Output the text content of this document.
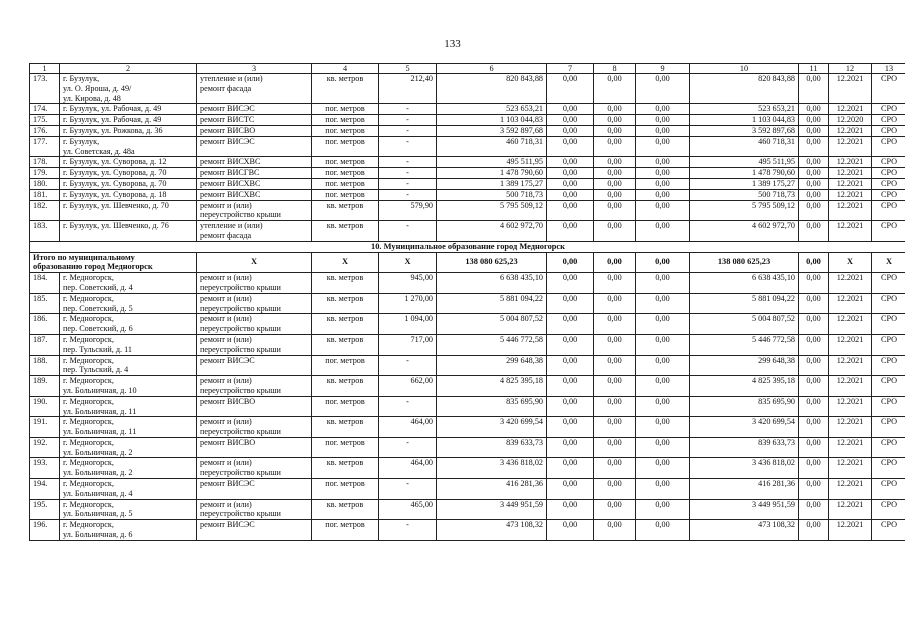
133
1	2	3	4	5	6	7	8	9	10	11	12	13
173.	г. Бузулук,
ул. О. Яроша, д. 49/
ул. Кирова, д. 48	утепление и (или)
ремонт фасада	кв. метров	212,40	820 843,88	0,00	0,00	0,00	820 843,88	0,00	12.2021	СРО
174.	г. Бузулук, ул. Рабочая, д. 49	ремонт ВИСЭС	пог. метров	-	523 653,21	0,00	0,00	0,00	523 653,21	0,00	12.2021	СРО
175.	г. Бузулук, ул. Рабочая, д. 49	ремонт ВИСТС	пог. метров	-	1 103 044,83	0,00	0,00	0,00	1 103 044,83	0,00	12.2020	СРО
176.	г. Бузулук, ул. Рожкова, д. 36	ремонт ВИСВО	пог. метров	-	3 592 897,68	0,00	0,00	0,00	3 592 897,68	0,00	12.2021	СРО
177.	г. Бузулук,
ул. Советская, д. 48а	ремонт ВИСЭС	пог. метров	-	460 718,31	0,00	0,00	0,00	460 718,31	0,00	12.2021	СРО
178.	г. Бузулук, ул. Суворова, д. 12	ремонт ВИСХВС	пог. метров	-	495 511,95	0,00	0,00	0,00	495 511,95	0,00	12.2021	СРО
179.	г. Бузулук, ул. Суворова, д. 70	ремонт ВИСГВС	пог. метров	-	1 478 790,60	0,00	0,00	0,00	1 478 790,60	0,00	12.2021	СРО
180.	г. Бузулук, ул. Суворова, д. 70	ремонт ВИСХВС	пог. метров	-	1 389 175,27	0,00	0,00	0,00	1 389 175,27	0,00	12.2021	СРО
181.	г. Бузулук, ул. Суворова, д. 18	ремонт ВИСХВС	пог. метров	-	500 718,73	0,00	0,00	0,00	500 718,73	0,00	12.2021	СРО
182.	г. Бузулук, ул. Шевченко, д. 70	ремонт и (или)
переустройство крыши	кв. метров	579,90	5 795 509,12	0,00	0,00	0,00	5 795 509,12	0,00	12.2021	СРО
183.	г. Бузулук, ул. Шевченко, д. 76	утепление и (или)
ремонт фасада	кв. метров	-	4 602 972,70	0,00	0,00	0,00	4 602 972,70	0,00	12.2021	СРО
10. Муниципальное образование город Медногорск												
Итого по муниципальному
образованию город Медногорск		X	X	X	138 080 625,23	0,00	0,00	0,00	138 080 625,23	0,00	X	X
184.	г. Медногорск,
пер. Советский, д. 4	ремонт и (или)
переустройство крыши	кв. метров	945,00	6 638 435,10	0,00	0,00	0,00	6 638 435,10	0,00	12.2021	СРО
185.	г. Медногорск,
пер. Советский, д. 5	ремонт и (или)
переустройство крыши	кв. метров	1 270,00	5 881 094,22	0,00	0,00	0,00	5 881 094,22	0,00	12.2021	СРО
186.	г. Медногорск,
пер. Советский, д. 6	ремонт и (или)
переустройство крыши	кв. метров	1 094,00	5 004 807,52	0,00	0,00	0,00	5 004 807,52	0,00	12.2021	СРО
187.	г. Медногорск,
пер. Тульский, д. 11	ремонт и (или)
переустройство крыши	кв. метров	717,00	5 446 772,58	0,00	0,00	0,00	5 446 772,58	0,00	12.2021	СРО
188.	г. Медногорск,
пер. Тульский, д. 4	ремонт ВИСЭС	пог. метров	-	299 648,38	0,00	0,00	0,00	299 648,38	0,00	12.2021	СРО
189.	г. Медногорск,
ул. Больничная, д. 10	ремонт и (или)
переустройство крыши	кв. метров	662,00	4 825 395,18	0,00	0,00	0,00	4 825 395,18	0,00	12.2021	СРО
190.	г. Медногорск,
ул. Больничная, д. 11	ремонт ВИСВО	пог. метров	-	835 695,90	0,00	0,00	0,00	835 695,90	0,00	12.2021	СРО
191.	г. Медногорск,
ул. Больничная, д. 11	ремонт и (или)
переустройство крыши	кв. метров	464,00	3 420 699,54	0,00	0,00	0,00	3 420 699,54	0,00	12.2021	СРО
192.	г. Медногорск,
ул. Больничная, д. 2	ремонт ВИСВО	пог. метров	-	839 633,73	0,00	0,00	0,00	839 633,73	0,00	12.2021	СРО
193.	г. Медногорск,
ул. Больничная, д. 2	ремонт и (или)
переустройство крыши	кв. метров	464,00	3 436 818,02	0,00	0,00	0,00	3 436 818,02	0,00	12.2021	СРО
194.	г. Медногорск,
ул. Больничная, д. 4	ремонт ВИСЭС	пог. метров	-	416 281,36	0,00	0,00	0,00	416 281,36	0,00	12.2021	СРО
195.	г. Медногорск,
ул. Больничная, д. 5	ремонт и (или)
переустройство крыши	кв. метров	465,00	3 449 951,59	0,00	0,00	0,00	3 449 951,59	0,00	12.2021	СРО
196.	г. Медногорск,
ул. Больничная, д. 6	ремонт ВИСЭС	пог. метров	-	473 108,32	0,00	0,00	0,00	473 108,32	0,00	12.2021	СРО
